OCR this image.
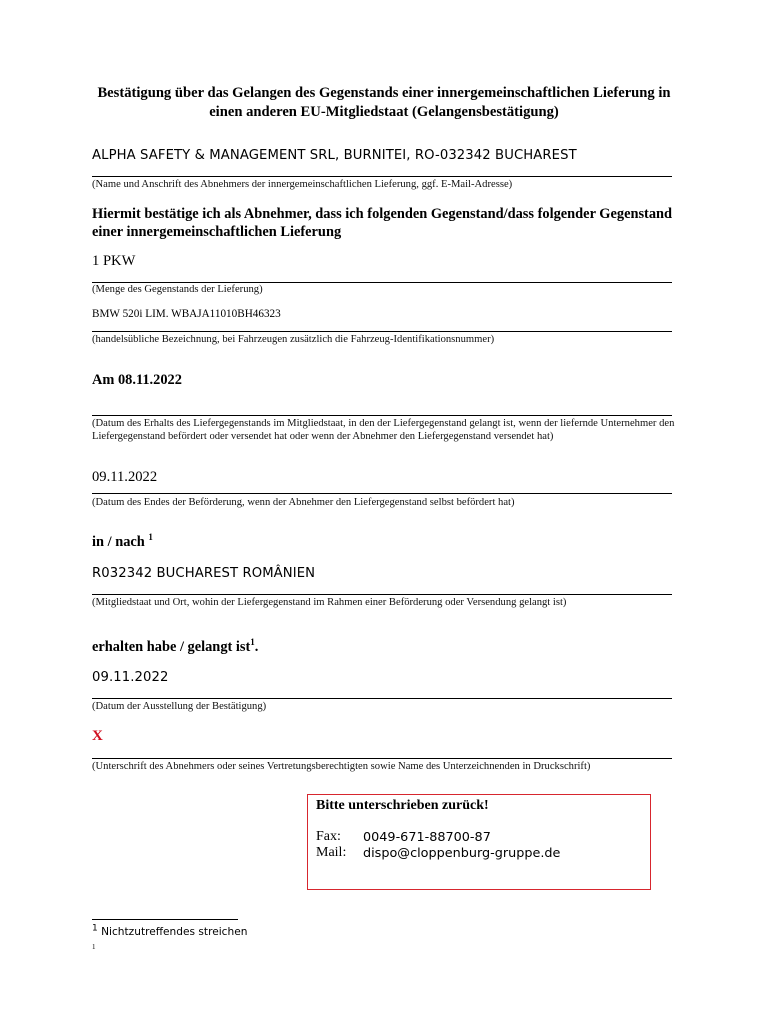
Bestätigung über das Gelangen des Gegenstands einer innergemeinschaftlichen Lieferung in einen anderen EU-Mitgliedstaat (Gelangensbestätigung)
ALPHA SAFETY & MANAGEMENT SRL, BURNITEI, RO-032342 BUCHAREST
(Name und Anschrift des Abnehmers der innergemeinschaftlichen Lieferung, ggf. E-Mail-Adresse)
Hiermit bestätige ich als Abnehmer, dass ich folgenden Gegenstand/dass folgender Gegenstand einer innergemeinschaftlichen Lieferung
1 PKW
(Menge des Gegenstands der Lieferung)
BMW 520i LIM. WBAJA11010BH46323
(handelsübliche Bezeichnung, bei Fahrzeugen zusätzlich die Fahrzeug-Identifikationsnummer)
Am 08.11.2022
(Datum des Erhalts des Liefergegenstands im Mitgliedstaat, in den der Liefergegenstand gelangt ist, wenn der liefernde Unternehmer den Liefergegenstand befördert oder versendet hat oder wenn der Abnehmer den Liefergegenstand versendet hat)
09.11.2022
(Datum des Endes der Beförderung, wenn der Abnehmer den Liefergegenstand selbst befördert hat)
in / nach $^1$
R032342 BUCHAREST ROMÂNIEN
(Mitgliedstaat und Ort, wohin der Liefergegenstand im Rahmen einer Beförderung oder Versendung gelangt ist)
erhalten habe / gelangt ist$^1$.
09.11.2022
(Datum der Ausstellung der Bestätigung)
X
(Unterschrift des Abnehmers oder seines Vertretungsberechtigten sowie Name des Unterzeichnenden in Druckschrift)
Bitte unterschrieben zurück!
Fax: 0049-671-88700-87
Mail: dispo@cloppenburg-gruppe.de
$^1$ Nichtzutreffendes streichen
1
